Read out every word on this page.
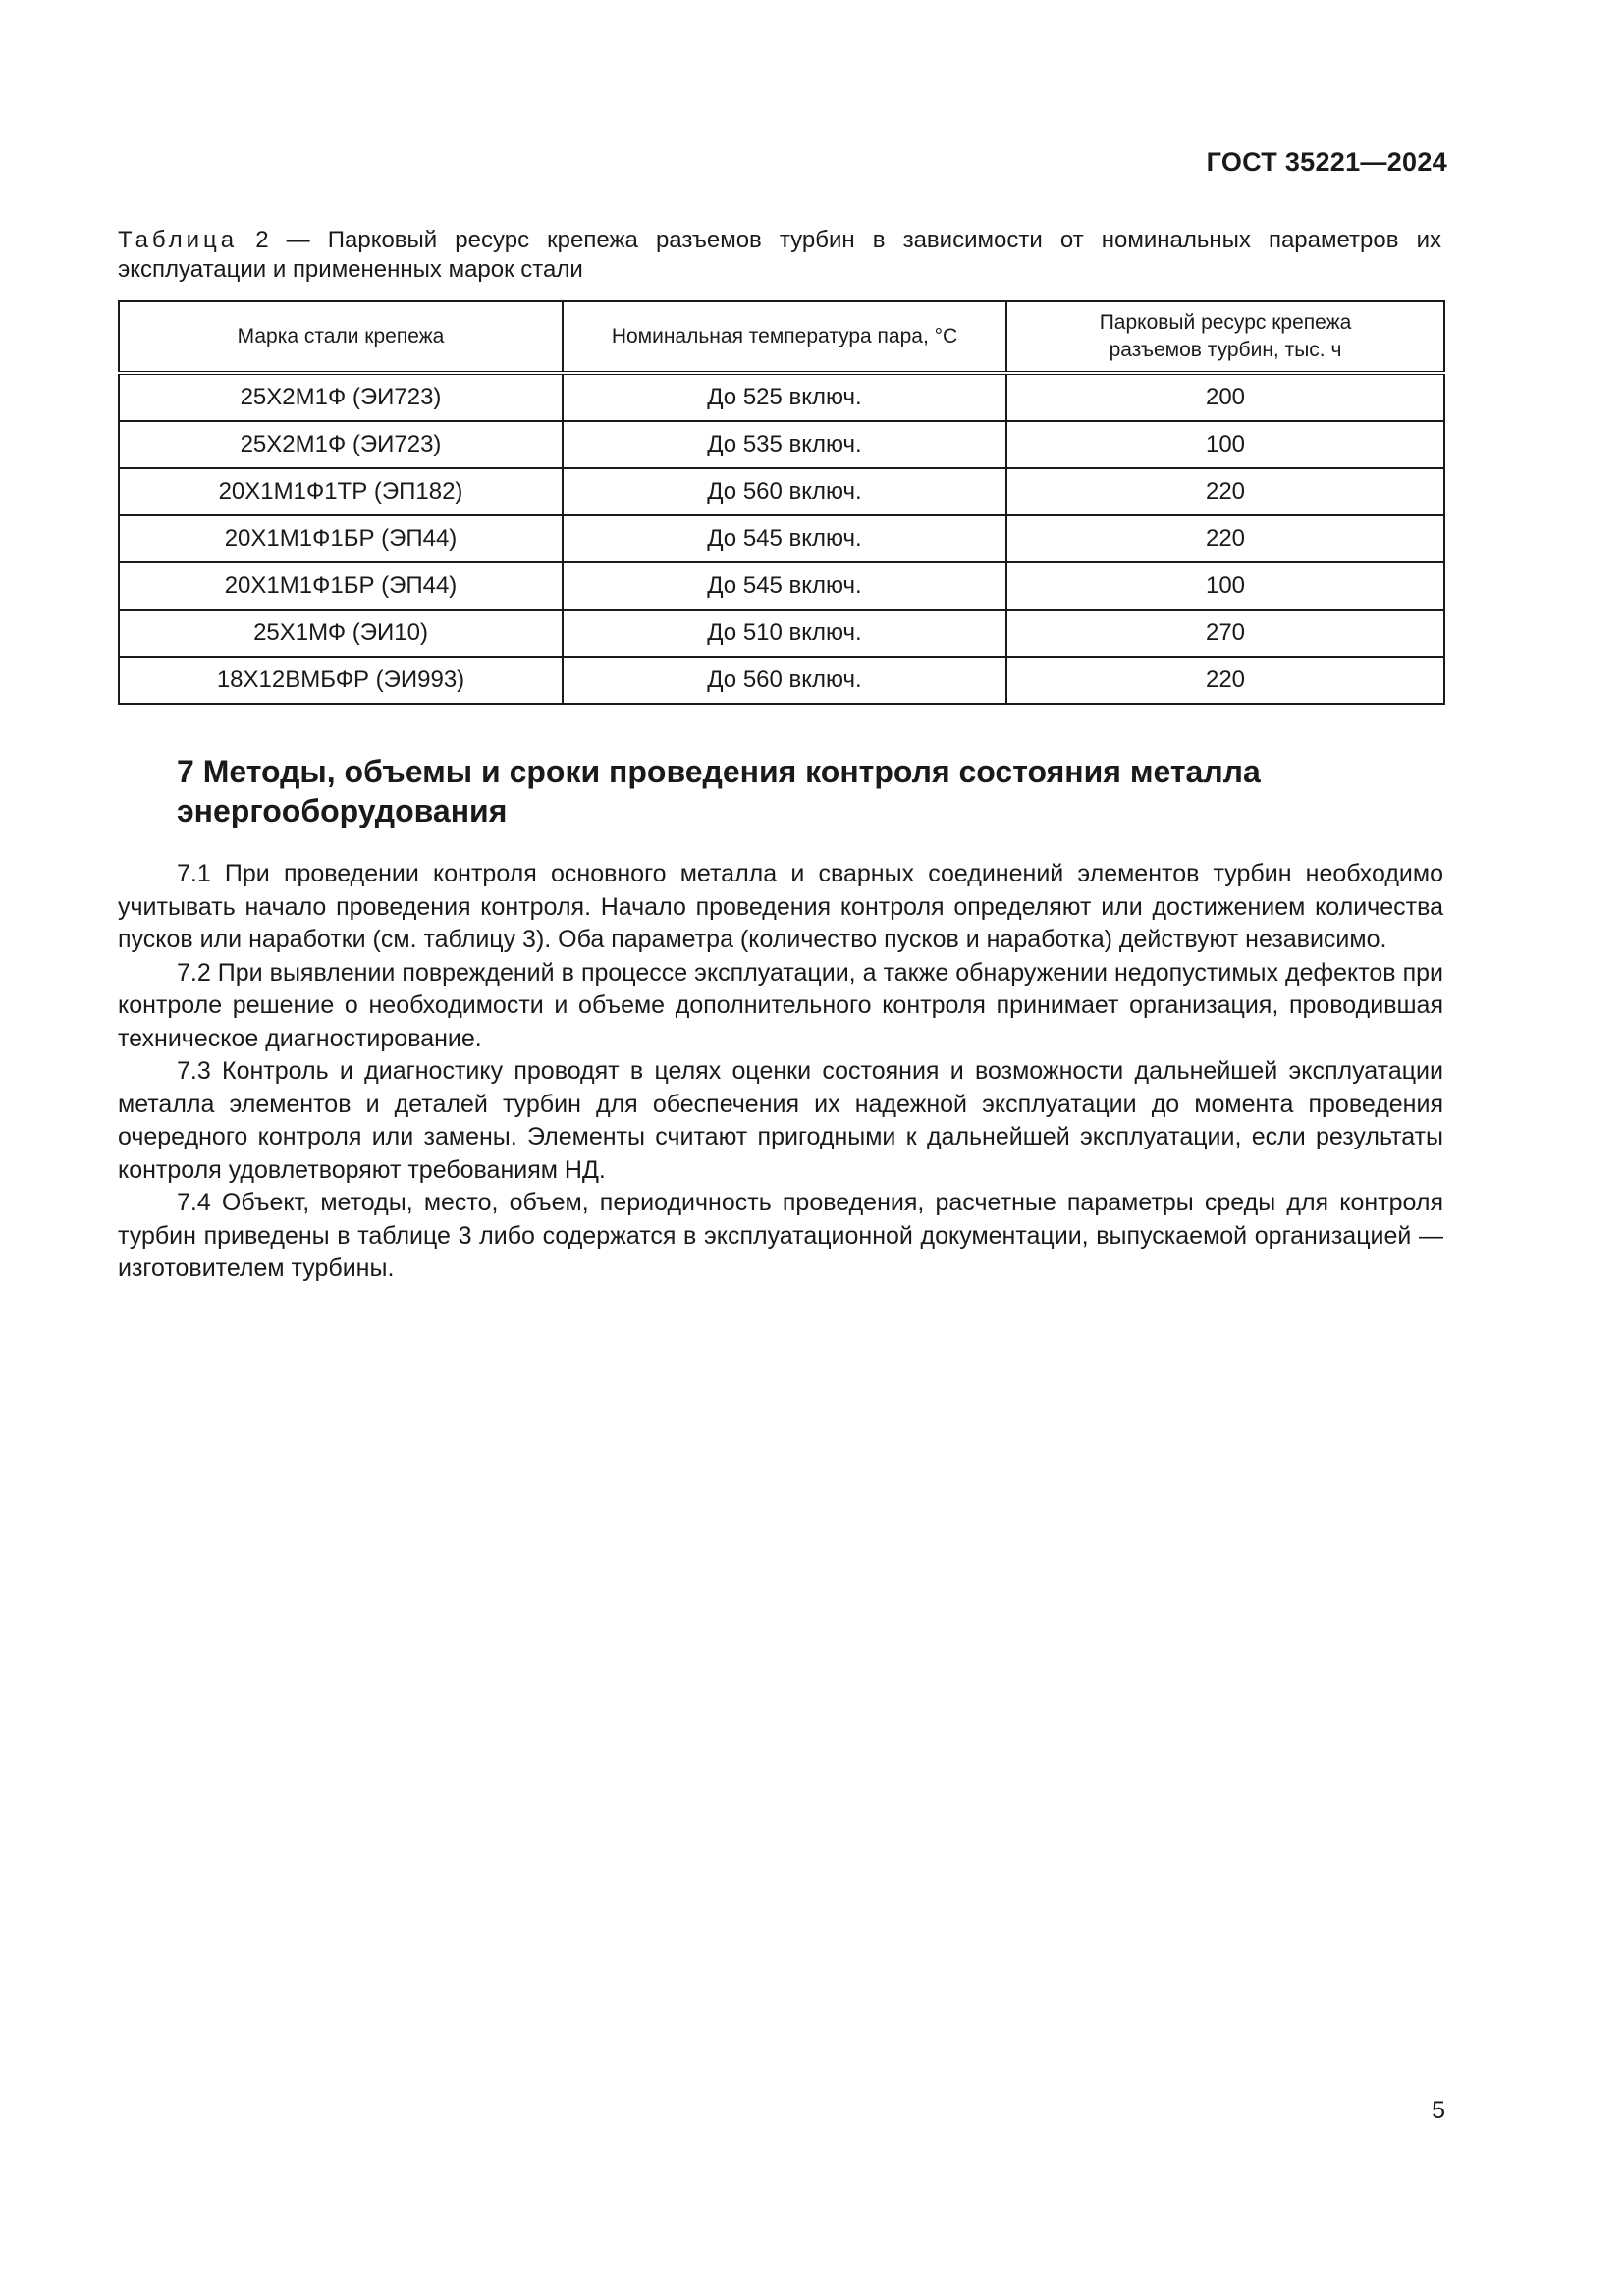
ГОСТ 35221—2024
Таблица 2 — Парковый ресурс крепежа разъемов турбин в зависимости от номинальных параметров их эксплуатации и примененных марок стали
Марка стали крепежа	Номинальная температура пара, °С	Парковый ресурс крепежа разъемов турбин, тыс. ч
25Х2М1Ф (ЭИ723)	До 525 включ.	200
25Х2М1Ф (ЭИ723)	До 535 включ.	100
20Х1М1Ф1ТР (ЭП182)	До 560 включ.	220
20Х1М1Ф1БР (ЭП44)	До 545 включ.	220
20Х1М1Ф1БР (ЭП44)	До 545 включ.	100
25Х1МФ (ЭИ10)	До 510 включ.	270
18Х12ВМБФР (ЭИ993)	До 560 включ.	220
7 Методы, объемы и сроки проведения контроля состояния металла энергооборудования

7.1 При проведении контроля основного металла и сварных соединений элементов турбин необходимо учитывать начало проведения контроля. Начало проведения контроля определяют или достижением количества пусков или наработки (см. таблицу 3). Оба параметра (количество пусков и наработка) действуют независимо.

7.2 При выявлении повреждений в процессе эксплуатации, а также обнаружении недопустимых дефектов при контроле решение о необходимости и объеме дополнительного контроля принимает организация, проводившая техническое диагностирование.

7.3 Контроль и диагностику проводят в целях оценки состояния и возможности дальнейшей эксплуатации металла элементов и деталей турбин для обеспечения их надежной эксплуатации до момента проведения очередного контроля или замены. Элементы считают пригодными к дальнейшей эксплуатации, если результаты контроля удовлетворяют требованиям НД.

7.4 Объект, методы, место, объем, периодичность проведения, расчетные параметры среды для контроля турбин приведены в таблице 3 либо содержатся в эксплуатационной документации, выпускаемой организацией — изготовителем турбины.

5
